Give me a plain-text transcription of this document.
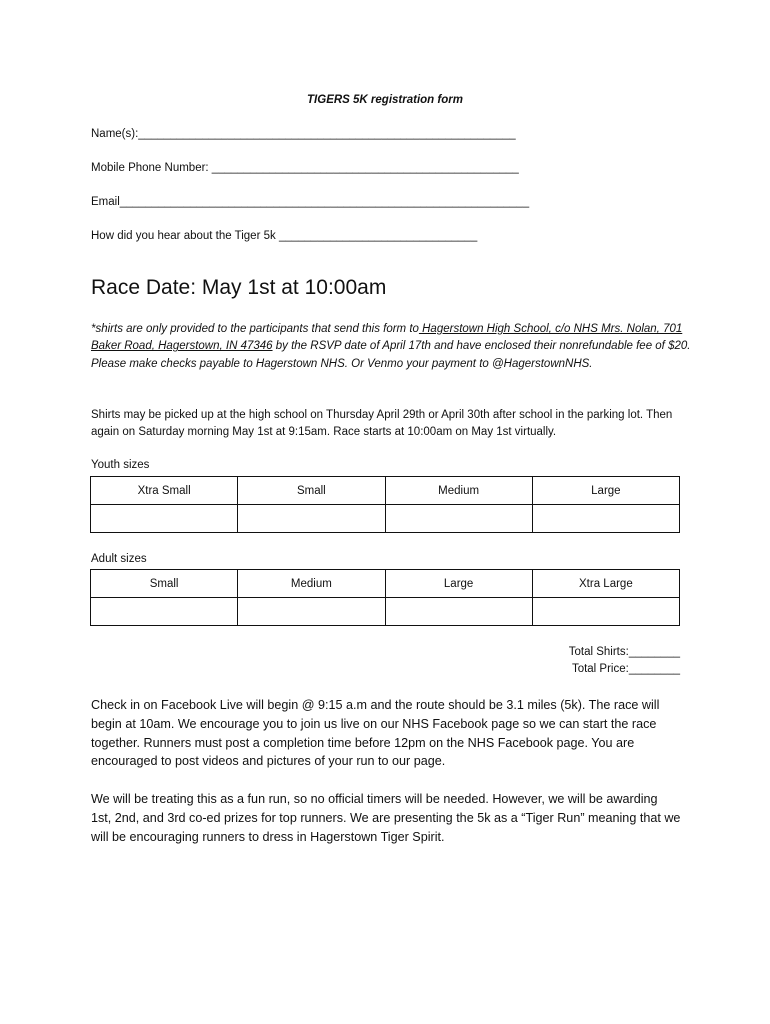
TIGERS 5K registration form
Name(s):___________________________________________________________
Mobile Phone Number: ________________________________________________
Email________________________________________________________________
How did you hear about the Tiger 5k _______________________________
Race Date: May 1st at 10:00am
*shirts are only provided to the participants that send this form to Hagerstown High School, c/o NHS Mrs. Nolan, 701 Baker Road, Hagerstown, IN 47346 by the RSVP date of April 17th and have enclosed their nonrefundable fee of $20. Please make checks payable to Hagerstown NHS. Or Venmo your payment to @HagerstownNHS.
Shirts may be picked up at the high school on Thursday April 29th or April 30th after school in the parking lot. Then again on Saturday morning May 1st at 9:15am. Race starts at 10:00am on May 1st virtually.
Youth sizes
Xtra Small	Small	Medium	Large

Adult sizes
Small	Medium	Large	Xtra Large

Total Shirts:________
Total Price:________
Check in on Facebook Live will begin @ 9:15 a.m and the route should be 3.1 miles (5k). The race will begin at 10am. We encourage you to join us live on our NHS Facebook page so we can start the race together. Runners must post a completion time before 12pm on the NHS Facebook page. You are encouraged to post videos and pictures of your run to our page.
We will be treating this as a fun run, so no official timers will be needed. However, we will be awarding 1st, 2nd, and 3rd co-ed prizes for top runners. We are presenting the 5k as a “Tiger Run” meaning that we will be encouraging runners to dress in Hagerstown Tiger Spirit.
